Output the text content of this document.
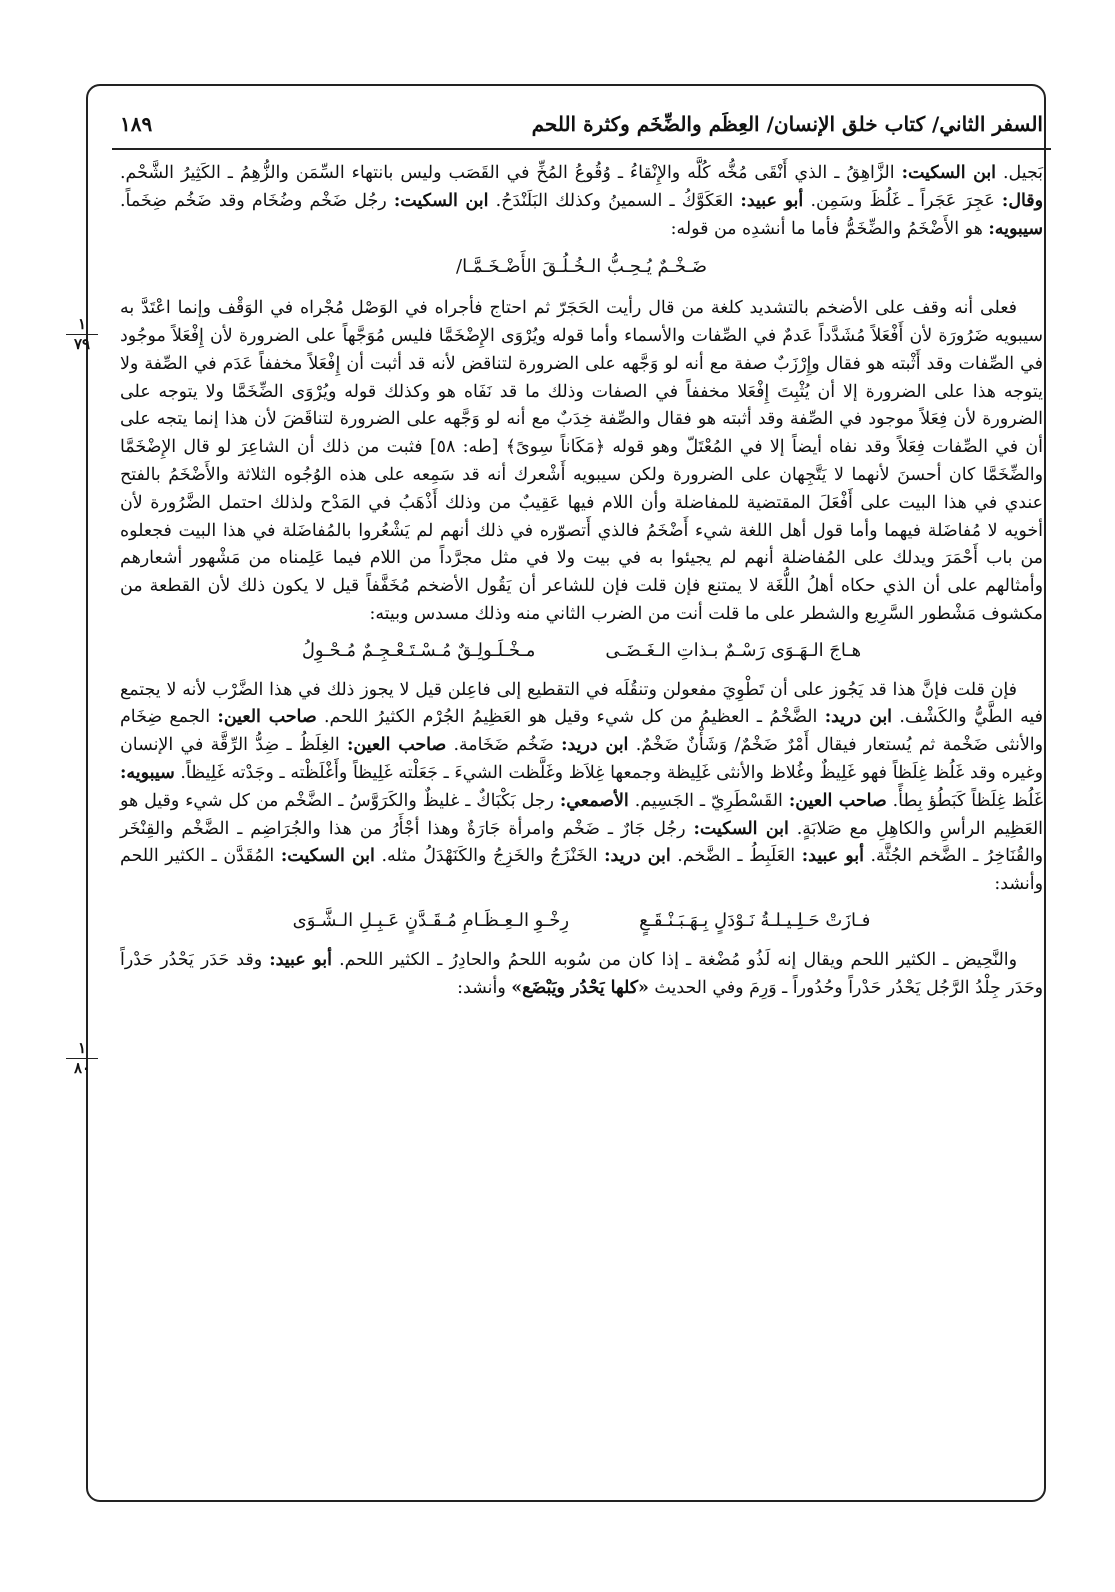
السفر الثاني/ كتاب خلق الإنسان/ العِظَم والضِّخَم وكثرة اللحم
١٨٩
١
٧٩
١
٨٠

بَجيل. ابن السكيت: الزَّاهِقُ ـ الذي أَنْقَى مُخُّه كُلَّه والإِنْقاءُ ـ وُقُوعُ المُخِّ في القَصَب وليس بانتهاء السِّمَن والزُّهِمُ ـ الكَثِيرُ الشَّحْم. وقال: عَجِرَ عَجَراً ـ غَلُظَ وسَمِن. أبو عبيد: العَكَوَّكُ ـ السمينُ وكذلك البَلَنْدَحُ. ابن السكيت: رجُل ضَخْم وضُخَام وقد ضَخُم ضِخَماً. سيبويه: هو الأَضْخَمُ والضِّخَمُّ فأما ما أنشدِه من قوله:

ضَـخْـمٌ يُـحِـبُّ الـخُـلُـقَ الأَضْـخَـمَّـا/

فعلى أنه وقف على الأضخم بالتشديد كلغة من قال رأيت الحَجَرّ ثم احتاج فأجراه في الوَصْل مُجْراه في الوَقْف وإنما اعْتَدَّ به سيبويه ضَرُورَة لأن أَفْعَلاً مُشَدَّداً عَدمٌ في الصِّفات والأسماء وأما قوله ويُرْوَى الإِضْخَمَّا فليس مُوَجَّهاً على الضرورة لأن إِفْعَلاً موجُود في الصِّفات وقد أَثْبته هو فقال وإِرْزَبٌ صفة مع أنه لو وَجَّهه على الضرورة لتناقض لأنه قد أثبت أن إِفْعَلاً مخففاً عَدَم في الصِّفة ولا يتوجه هذا على الضرورة إلا أن يُثْبِتَ إِفْعَلا مخففاً في الصفات وذلك ما قد نَفَاه هو وكذلك قوله ويُرْوَى الضِّخَمَّا ولا يتوجه على الضرورة لأن فِعَلاً موجود في الصِّفة وقد أثبته هو فقال والصِّفة خِدَبٌ مع أنه لو وَجَّهه على الضرورة لتناقَضَ لأن هذا إنما يتجه على أن في الصِّفات فِعَلاً وقد نفاه أيضاً إلا في المُعْتَلّ وهو قوله ﴿مَكَاناً سِوىً﴾ [طه: ٥٨] فثبت من ذلك أن الشاعِرَ لو قال الإِضْخَمَّا والضِّخَمَّا كان أحسنَ لأنهما لا يَتَّجِهان على الضرورة ولكن سيبويه أَشْعرك أنه قد سَمِعه على هذه الوُجُوه الثلاثة والأَضْخَمُ بالفتح عندي في هذا البيت على أَفْعَلَ المقتضية للمفاضلة وأن اللام فيها عَقِيبٌ من وذلك أَذْهَبُ في المَدْح ولذلك احتمل الضَّرُورة لأن أخويه لا مُفاضَلة فيهما وأما قول أهل اللغة شيء أَضْخَمُ فالذي أَتصوّره في ذلك أنهم لم يَشْعُروا بالمُفاضَلة في هذا البيت فجعلوه من باب أَحْمَرَ ويدلك على المُفاضلة أنهم لم يجيئوا به في بيت ولا في مثل مجرَّداً من اللام فيما عَلِمناه من مَشْهور أشعارهم وأمثالهم على أن الذي حكاه أهلُ اللُّغَة لا يمتنع فإن قلت فإن للشاعر أن يَقُول الأضخم مُخَفَّفاً قيل لا يكون ذلك لأن القطعة من مكشوف مَشْطور السَّرِيع والشطر على ما قلت أنت من الضرب الثاني منه وذلك مسدس وبيته:

هـاجَ الـهَـوَى رَسْـمٌ بـذاتِ الـغَـضَـى
مـخْـلَـولِـقٌ مُـسْـتَـعْـجِـمٌ مُـحْـوِلُ

فإن قلت فإنَّ هذا قد يَجُوز على أن تَطْوِيَ مفعولن وتنقُلَه في التقطيع إلى فاعِلن قيل لا يجوز ذلك في هذا الضَّرْب لأنه لا يجتمع فيه الطَّيُّ والكَشْف. ابن دريد: الضَّخْمُ ـ العظيمُ من كل شيء وقيل هو العَظِيمُ الجُرْم الكثيرُ اللحم. صاحب العين: الجمع ضِخَام والأنثى ضَخْمة ثم يُستعار فيقال أَمْرٌ ضَخْمٌ/ وَشَأْنٌ ضَخْمٌ. ابن دريد: ضَخُم ضَخَامة. صاحب العين: الغِلَظُ ـ ضِدُّ الرِّقَّة في الإنسان وغيره وقد غَلُظ غِلَظاً فهو غَلِيظٌ وغُلاظ والأنثى غَلِيظة وجمعها غِلاَظ وغَلَّظت الشيءَ ـ جَعَلْته غَلِيظاً وأَغْلَظْته ـ وجَدْته غَلِيظاً. سيبويه: غَلُظ غِلَظاً كَبَطُؤ بِطأً. صاحب العين: القَسْطَرِيّ ـ الجَسِيم. الأصمعي: رجل بَكْبَاكٌ ـ غليظٌ والكَرَوَّسُ ـ الضَّخْم من كل شيء وقيل هو العَظِيم الرأسِ والكاهِلِ مع صَلابَةٍ. ابن السكيت: رجُل جَارٌ ـ ضَخْم وامرأة جَارَةٌ وهذا أجْأَرُ من هذا والجُرَاضِم ـ الضَّخْم والقِنْخَر والقُنَاخِرُ ـ الضَّخم الجُثَّة. أبو عبيد: العَلَبِطُ ـ الضَّخم. ابن دريد: الخَنْزَجُ والخَزِجُ والكَنَهْدَلُ مثله. ابن السكيت: المُقَدَّن ـ الكثير اللحم وأنشد:

فـازَتْ حَـلِـيـلـةُ نَـوْدَلٍ بِـهَـبَـنْـقَـعٍ
رِخْـوِ الـعِـظَـامِ مُـقَـدَّنٍ عَـبِـلِ الـشَّـوَى

والنَّحِيض ـ الكثير اللحم ويقال إنه لَذُو مُضْغة ـ إذا كان من سُوبه اللحمُ والحادِرُ ـ الكثير اللحم. أبو عبيد: وقد حَدَر يَحْدُر حَدْراً وحَدَر جِلْدُ الرَّجُل يَحْدُر حَدْراً وحُدُوراً ـ وَرِمَ وفي الحديث «كلها يَحْدُر ويَبْضَع» وأنشد:
